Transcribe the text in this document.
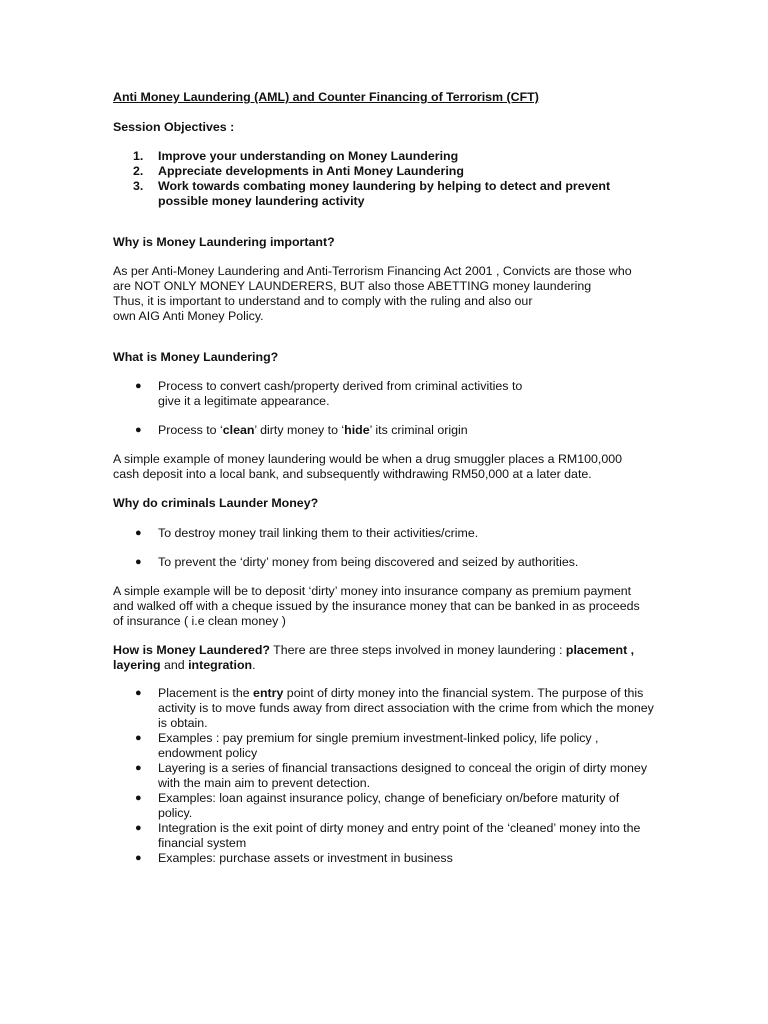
Anti Money Laundering (AML) and Counter Financing of Terrorism (CFT)

Session Objectives :

1. Improve your understanding on Money Laundering
2. Appreciate developments in Anti Money Laundering
3. Work towards combating money laundering by helping to detect and prevent possible money laundering activity

Why is Money Laundering important?

As per Anti-Money Laundering and Anti-Terrorism Financing Act 2001 , Convicts are those who
are NOT ONLY MONEY LAUNDERERS, BUT also those ABETTING money laundering
Thus, it is important to understand and to comply with the ruling and also our own AIG Anti Money Policy.

What is Money Laundering?

● Process to convert cash/property derived from criminal activities to give it a legitimate appearance.
● Process to ‘clean’ dirty money to ‘hide’ its criminal origin

A simple example of money laundering would be when a drug smuggler places a RM100,000 cash deposit into a local bank, and subsequently withdrawing RM50,000 at a later date.

Why do criminals Launder Money?

● To destroy money trail linking them to their activities/crime.
● To prevent the ‘dirty’ money from being discovered and seized by authorities.

A simple example will be to deposit ‘dirty’ money into insurance company as premium payment and walked off with a cheque issued by the insurance money that can be banked in as proceeds of insurance ( i.e clean money )

How is Money Laundered? There are three steps involved in money laundering : placement , layering and integration.

● Placement is the entry point of dirty money into the financial system. The purpose of this activity is to move funds away from direct association with the crime from which the money is obtain.
● Examples : pay premium for single premium investment-linked policy, life policy , endowment policy
● Layering is a series of financial transactions designed to conceal the origin of dirty money with the main aim to prevent detection.
● Examples: loan against insurance policy, change of beneficiary on/before maturity of policy.
● Integration is the exit point of dirty money and entry point of the ‘cleaned’ money into the financial system
● Examples: purchase assets or investment in business
